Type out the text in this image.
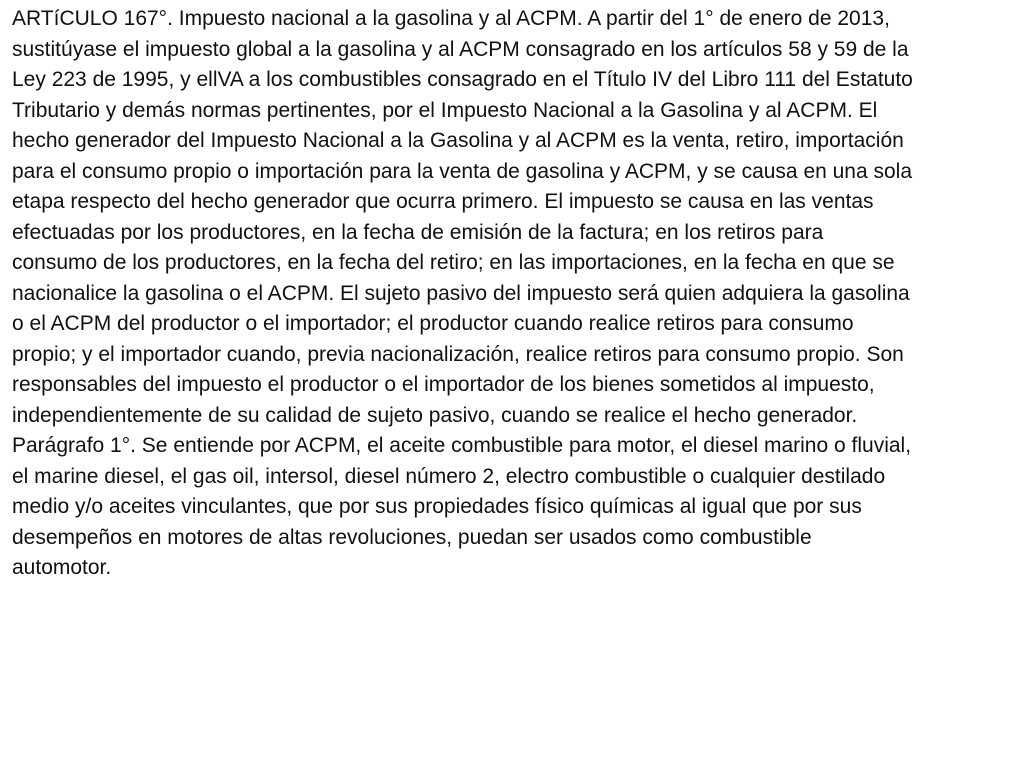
ARTíCULO 167°. Impuesto nacional a la gasolina y al ACPM. A partir del 1° de enero de 2013,
sustitúyase el impuesto global a la gasolina y al ACPM consagrado en los artículos 58 y 59 de la
Ley 223 de 1995, y ellVA a los combustibles consagrado en el Título IV del Libro 111 del Estatuto
Tributario y demás normas pertinentes, por el Impuesto Nacional a la Gasolina y al ACPM. El
hecho generador del Impuesto Nacional a la Gasolina y al ACPM es la venta, retiro, importación
para el consumo propio o importación para la venta de gasolina y ACPM, y se causa en una sola
etapa respecto del hecho generador que ocurra primero. El impuesto se causa en las ventas
efectuadas por los productores, en la fecha de emisión de la factura; en los retiros para
consumo de los productores, en la fecha del retiro; en las importaciones, en la fecha en que se
nacionalice la gasolina o el ACPM. El sujeto pasivo del impuesto será quien adquiera la gasolina
o el ACPM del productor o el importador; el productor cuando realice retiros para consumo
propio; y el importador cuando, previa nacionalización, realice retiros para consumo propio. Son
responsables del impuesto el productor o el importador de los bienes sometidos al impuesto,
independientemente de su calidad de sujeto pasivo, cuando se realice el hecho generador.
Parágrafo 1°. Se entiende por ACPM, el aceite combustible para motor, el diesel marino o fluvial,
el marine diesel, el gas oil, intersol, diesel número 2, electro combustible o cualquier destilado
medio y/o aceites vinculantes, que por sus propiedades físico químicas al igual que por sus
desempeños en motores de altas revoluciones, puedan ser usados como combustible
automotor.
